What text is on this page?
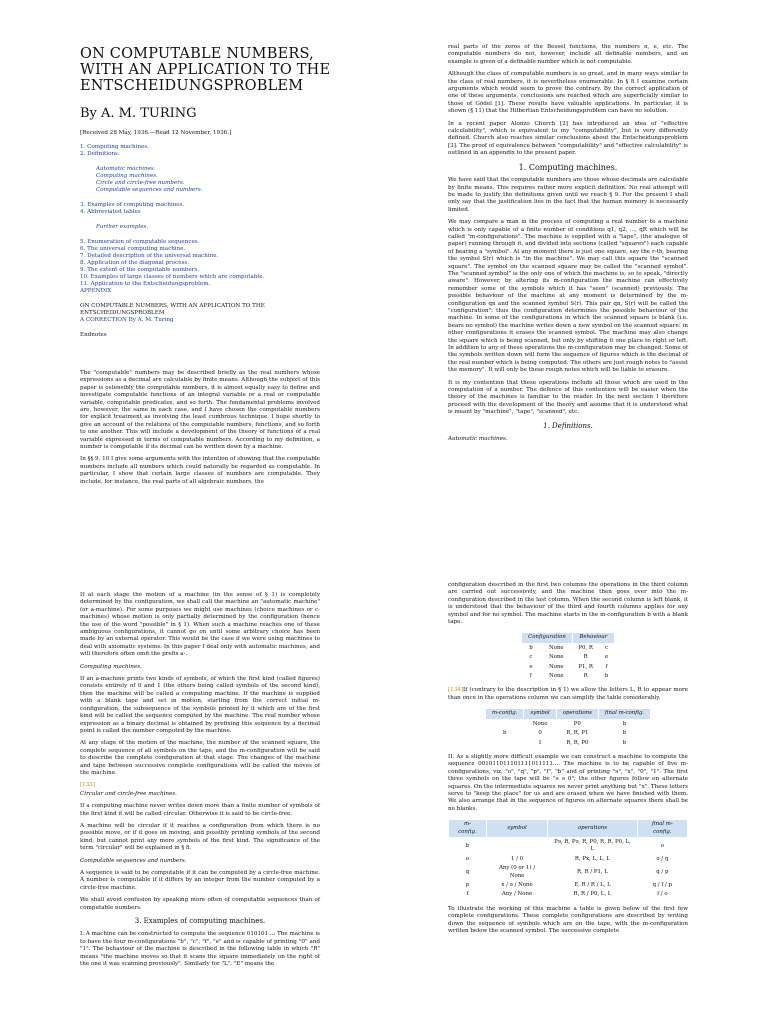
ON COMPUTABLE NUMBERS,
WITH AN APPLICATION TO THE
ENTSCHEIDUNGSPROBLEM
By A. M. TURING
[Received 28 May, 1936.—Read 12 November, 1936.]

1. Computing machines.

2. Definitions.

Automatic machines.

Computing machines.

Circle and circle-free numbers.

Computable sequences and numbers.

3. Examples of computing machines.

4. Abbreviated tables

Further examples.

5. Enumeration of computable sequences.

6. The universal computing machine.

7. Detailed description of the universal machine.

8. Application of the diagonal process.

9. The extent of the computable numbers.

10. Examples of large classes of numbers which are computable.

11. Application to the Entscheidungsproblem.

APPENDIX

ON COMPUTABLE NUMBERS, WITH AN APPLICATION TO THE ENTSCHEIDUNGSPROBLEM

A CORRECTION By A. M. Turing

Endnotes

The "computable" numbers may be described briefly as the real numbers whose expressions as a decimal are calculable by finite means. Although the subject of this paper is ostensibly the computable numbers, it is almost equally easy to define and investigate computable functions of an integral variable or a real or computable variable, computable predicates, and so forth. The fundamental problems involved are, however, the same in each case, and I have chosen the computable numbers for explicit treatment as involving the least cumbrous technique. I hope shortly to give an account of the relations of the computable numbers, functions, and so forth to one another. This will include a development of the theory of functions of a real variable expressed in terms of computable numbers. According to my definition, a number is computable if its decimal can be written down by a machine.

In §§ 9, 10 I give some arguments with the intention of showing that the computable numbers include all numbers which could naturally be regarded as computable. In particular, I show that certain large classes of numbers are computable. They include, for instance, the real parts of all algebraic numbers, the

real parts of the zeros of the Bessel functions, the numbers π, e, etc. The computable numbers do not, however, include all definable numbers, and an example is given of a definable number which is not computable.

Although the class of computable numbers is so great, and in many ways similar to the class of real numbers, it is nevertheless enumerable. In § 8 I examine certain arguments which would seem to prove the contrary. By the correct application of one of these arguments, conclusions are reached which are superficially similar to those of Gödel [1]. These results have valuable applications. In particular, it is shown (§ 11) that the Hilbertian Entscheidungsproblem can have no solution.

In a recent paper Alonzo Church [2] has introduced an idea of "effective calculability", which is equivalent to my "computability", but is very differently defined. Church also reaches similar conclusions about the Entscheidungsproblem [3]. The proof of equivalence between "computability" and "effective calculability" is outlined in an appendix to the present paper.

1. Computing machines.

We have said that the computable numbers are those whose decimals are calculable by finite means. This requires rather more explicit definition. No real attempt will be made to justify the definitions given until we reach § 9. For the present I shall only say that the justification lies in the fact that the human memory is necessarily limited.

We may compare a man in the process of computing a real number to a machine which is only capable of a finite number of conditions q1, q2, ..., qR which will be called "m-configurations". The machine is supplied with a "tape", (the analogue of paper) running through it, and divided into sections (called "squares") each capable of bearing a "symbol". At any moment there is just one square, say the r-th, bearing the symbol S(r) which is "in the machine". We may call this square the "scanned square". The symbol on the scanned square may be called the "scanned symbol". The "scanned symbol" is the only one of which the machine is, so to speak, "directly aware". However, by altering its m-configuration the machine can effectively remember some of the symbols which it has "seen" (scanned) previously. The possible behaviour of the machine at any moment is determined by the m-configuration qn and the scanned symbol S(r). This pair qn, S(r) will be called the "configuration": thus the configuration determines the possible behaviour of the machine. In some of the configurations in which the scanned square is blank (i.e. bears no symbol) the machine writes down a new symbol on the scanned square: in other configurations it erases the scanned symbol. The machine may also change the square which is being scanned, but only by shifting it one place to right or left. In addition to any of these operations the m-configuration may be changed. Some of the symbols written down will form the sequence of figures which is the decimal of the real number which is being computed. The others are just rough notes to "assist the memory". It will only be these rough notes which will be liable to erasure.

It is my contention that these operations include all those which are used in the computation of a number. The defence of this contention will be easier when the theory of the machines is familiar to the reader. In the next section I therefore proceed with the development of the theory and assume that it is understood what is meant by "machine", "tape", "scanned", etc.

1. Definitions.

Automatic machines.

If at each stage the motion of a machine (in the sense of § 1) is completely determined by the configuration, we shall call the machine an "automatic machine" (or a-machine). For some purposes we might use machines (choice machines or c-machines) whose motion is only partially determined by the configuration (hence the use of the word "possible" in § 1). When such a machine reaches one of these ambiguous configurations, it cannot go on until some arbitrary choice has been made by an external operator. This would be the case if we were using machines to deal with axiomatic systems. In this paper I deal only with automatic machines, and will therefore often omit the prefix a-.

Computing machines.

If an a-machine prints two kinds of symbols, of which the first kind (called figures) consists entirely of 0 and 1 (the others being called symbols of the second kind), then the machine will be called a computing machine. If the machine is supplied with a blank tape and set in motion, starting from the correct initial m-configuration, the subsequence of the symbols printed by it which are of the first kind will be called the sequence computed by the machine. The real number whose expression as a binary decimal is obtained by prefixing this sequence by a decimal point is called the number computed by the machine.

At any stage of the motion of the machine, the number of the scanned square, the complete sequence of all symbols on the tape, and the m-configuration will be said to describe the complete configuration at that stage. The changes of the machine and tape between successive complete configurations will be called the moves of the machine.

[133]

Circular and circle-free machines.

If a computing machine never writes down more than a finite number of symbols of the first kind it will be called circular. Otherwise it is said to be circle-free.

A machine will be circular if it reaches a configuration from which there is no possible move, or if it goes on moving, and possibly printing symbols of the second kind, but cannot print any more symbols of the first kind. The significance of the term "circular" will be explained in § 8.

Computable sequences and numbers.

A sequence is said to be computable if it can be computed by a circle-free machine. A number is computable if it differs by an integer from the number computed by a circle-free machine.

We shall avoid confusion by speaking more often of computable sequences than of computable numbers.

3. Examples of computing machines.

I. A machine can be constructed to compute the sequence 010101.... The machine is to have the four m-configurations "b", "c", "f", "e" and is capable of printing "0" and "1". The behaviour of the machine is described in the following table in which "R" means "the machine moves so that it scans the square immediately on the right of the one it was scanning previously". Similarly for "L". "E" means the

configuration described in the first two columns the operations in the third column are carried out successively, and the machine then goes over into the m-configuration described in the last column. When the second column is left blank, it is understood that the behaviour of the third and fourth columns applies for any symbol and for no symbol. The machine starts in the m-configuration b with a blank tape.

Configuration		Behaviour	
b	None	P0, R	c
c	None	R	e
e	None	P1, R	f
f	None	R	b

[134]If (contrary to the description in § 1) we allow the letters L, R to appear more than once in the operations column we can simplify the table considerably.

m-config.	symbol	operations	final m-config.
	None	P0	b
b	0	R, R, P1	b
	1	R, R, P0	b

II. As a slightly more difficult example we can construct a machine to compute the sequence 001011011101111011111.... The machine is to be capable of five m-configurations, viz. "o", "q", "p", "f", "b" and of printing "ə", "x", "0", "1". The first three symbols on the tape will be "ə ə 0"; the other figures follow on alternate squares. On the intermediate squares we never print anything but "x". These letters serve to "keep the place" for us and are erased when we have finished with them. We also arrange that in the sequence of figures on alternate squares there shall be no blanks.

m-config.	symbol	operations	final m-config.
b		Pə, R, Pə, R, P0, R, R, P0, L, L	o
o	1 / 0	R, Px, L, L, L	o / q
q	Any (0 or 1) / None	R, R / P1, L	q / p
p	x / ə / None	E, R / R / L, L	q / f / p
f	Any / None	R, R / P0, L, L	f / o

To illustrate the working of this machine a table is given below of the first few complete configurations. These complete configurations are described by writing down the sequence of symbols which are on the tape, with the m-configuration written below the scanned symbol. The successive complete
